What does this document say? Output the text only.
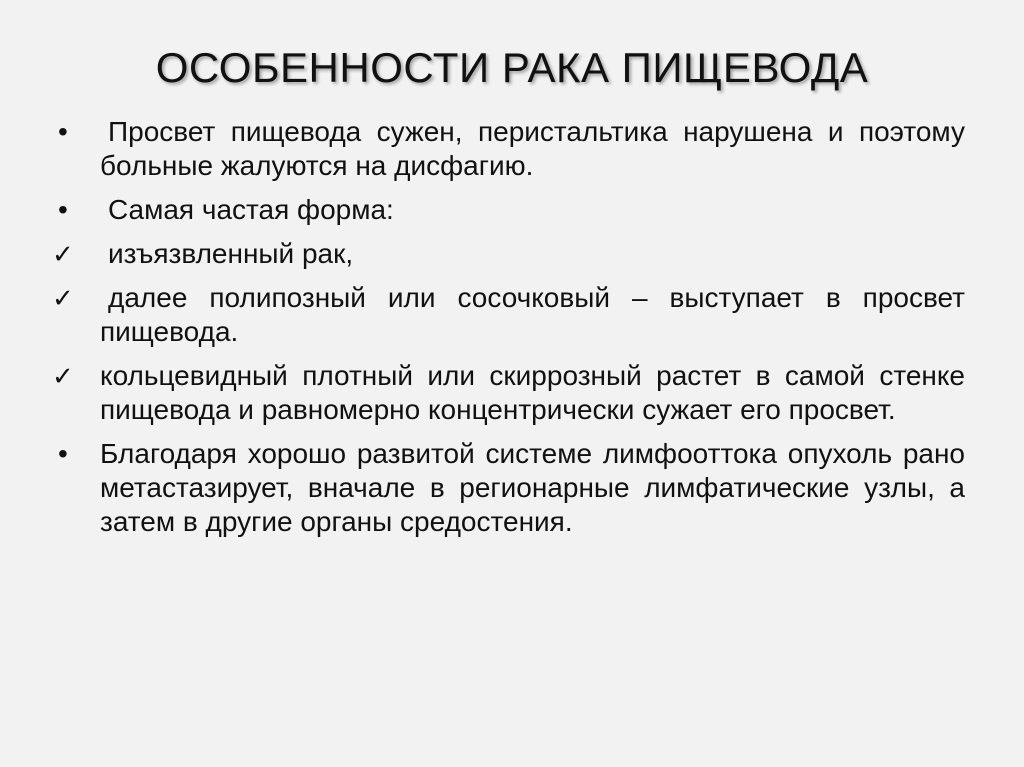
ОСОБЕННОСТИ РАКА ПИЩЕВОДА
•	Просвет пищевода сужен, перистальтика нарушена и поэтому больные жалуются на дисфагию.
•	Самая частая форма:
✓ изъязвленный рак,
✓ далее полипозный или сосочковый – выступает в просвет пищевода.
✓ кольцевидный плотный или скиррозный растет в самой стенке пищевода и равномерно концентрически сужает его просвет.
•	Благодаря хорошо развитой системе лимфооттока опухоль рано метастазирует, вначале в регионарные лимфатические узлы, а затем в другие органы средостения.
